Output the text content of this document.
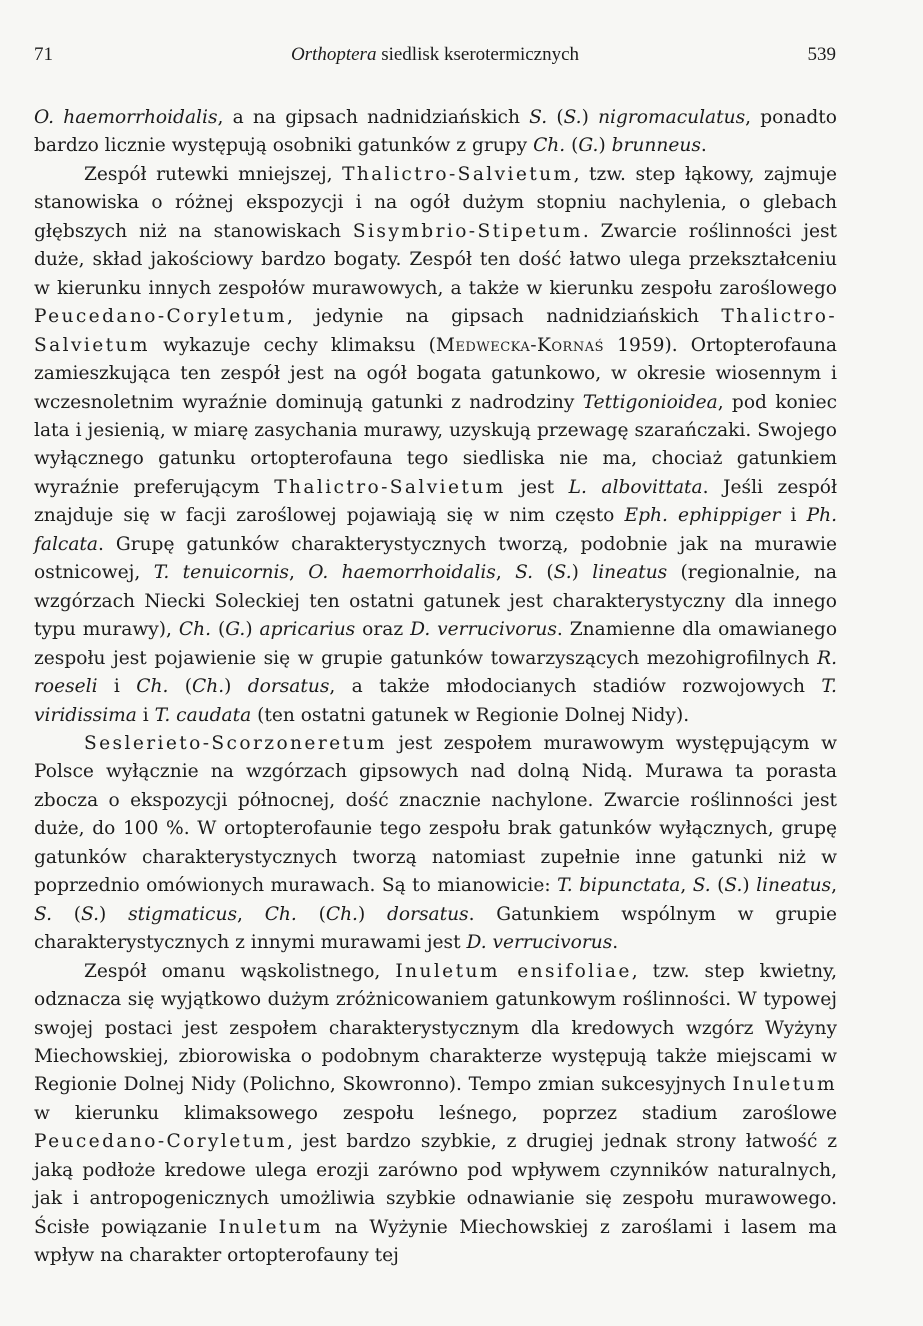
71	Orthoptera siedlisk kserotermicznych	539

O. haemorrhoidalis, a na gipsach nadnidziańskich S. (S.) nigromaculatus, ponadto bardzo licznie występują osobniki gatunków z grupy Ch. (G.) brunneus.

Zespół rutewki mniejszej, Thalictro-Salvietum, tzw. step łąkowy, zajmuje stanowiska o różnej ekspozycji i na ogół dużym stopniu nachylenia, o glebach głębszych niż na stanowiskach Sisymbrio-Stipetum. Zwarcie roślinności jest duże, skład jakościowy bardzo bogaty. Zespół ten dość łatwo ulega przekształceniu w kierunku innych zespołów murawowych, a także w kierunku zespołu zaroślowego Peucedano-Coryletum, jedynie na gipsach nadnidziańskich Thalictro-Salvietum wykazuje cechy klimaksu (Medwecka-Kornaś 1959). Ortopterofauna zamieszkująca ten zespół jest na ogół bogata gatunkowo, w okresie wiosennym i wczesnoletnim wyraźnie dominują gatunki z nadrodziny Tettigonioidea, pod koniec lata i jesienią, w miarę zasychania murawy, uzyskują przewagę szarańczaki. Swojego wyłącznego gatunku ortopterofauna tego siedliska nie ma, chociaż gatunkiem wyraźnie preferującym Thalictro-Salvietum jest L. albovittata. Jeśli zespół znajduje się w facji zaroślowej pojawiają się w nim często Eph. ephippiger i Ph. falcata. Grupę gatunków charakterystycznych tworzą, podobnie jak na murawie ostnicowej, T. tenuicornis, O. haemorrhoidalis, S. (S.) lineatus (regionalnie, na wzgórzach Niecki Soleckiej ten ostatni gatunek jest charakterystyczny dla innego typu murawy), Ch. (G.) apricarius oraz D. verrucivorus. Znamienne dla omawianego zespołu jest pojawienie się w grupie gatunków towarzyszących mezohigrofilnych R. roeseli i Ch. (Ch.) dorsatus, a także młodocianych stadiów rozwojowych T. viridissima i T. caudata (ten ostatni gatunek w Regionie Dolnej Nidy).

Seslerieto-Scorzoneretum jest zespołem murawowym występującym w Polsce wyłącznie na wzgórzach gipsowych nad dolną Nidą. Murawa ta porasta zbocza o ekspozycji północnej, dość znacznie nachylone. Zwarcie roślinności jest duże, do 100 %. W ortopterofaunie tego zespołu brak gatunków wyłącznych, grupę gatunków charakterystycznych tworzą natomiast zupełnie inne gatunki niż w poprzednio omówionych murawach. Są to mianowicie: T. bipunctata, S. (S.) lineatus, S. (S.) stigmaticus, Ch. (Ch.) dorsatus. Gatunkiem wspólnym w grupie charakterystycznych z innymi murawami jest D. verrucivorus.

Zespół omanu wąskolistnego, Inuletum ensifoliae, tzw. step kwietny, odznacza się wyjątkowo dużym zróżnicowaniem gatunkowym roślinności. W typowej swojej postaci jest zespołem charakterystycznym dla kredowych wzgórz Wyżyny Miechowskiej, zbiorowiska o podobnym charakterze występują także miejscami w Regionie Dolnej Nidy (Polichno, Skowronno). Tempo zmian sukcesyjnych Inuletum w kierunku klimaksowego zespołu leśnego, poprzez stadium zaroślowe Peucedano-Coryletum, jest bardzo szybkie, z drugiej jednak strony łatwość z jaką podłoże kredowe ulega erozji zarówno pod wpływem czynników naturalnych, jak i antropogenicznych umożliwia szybkie odnawianie się zespołu murawowego. Ścisłe powiązanie Inuletum na Wyżynie Miechowskiej z zaroślami i lasem ma wpływ na charakter ortopterofauny tej
